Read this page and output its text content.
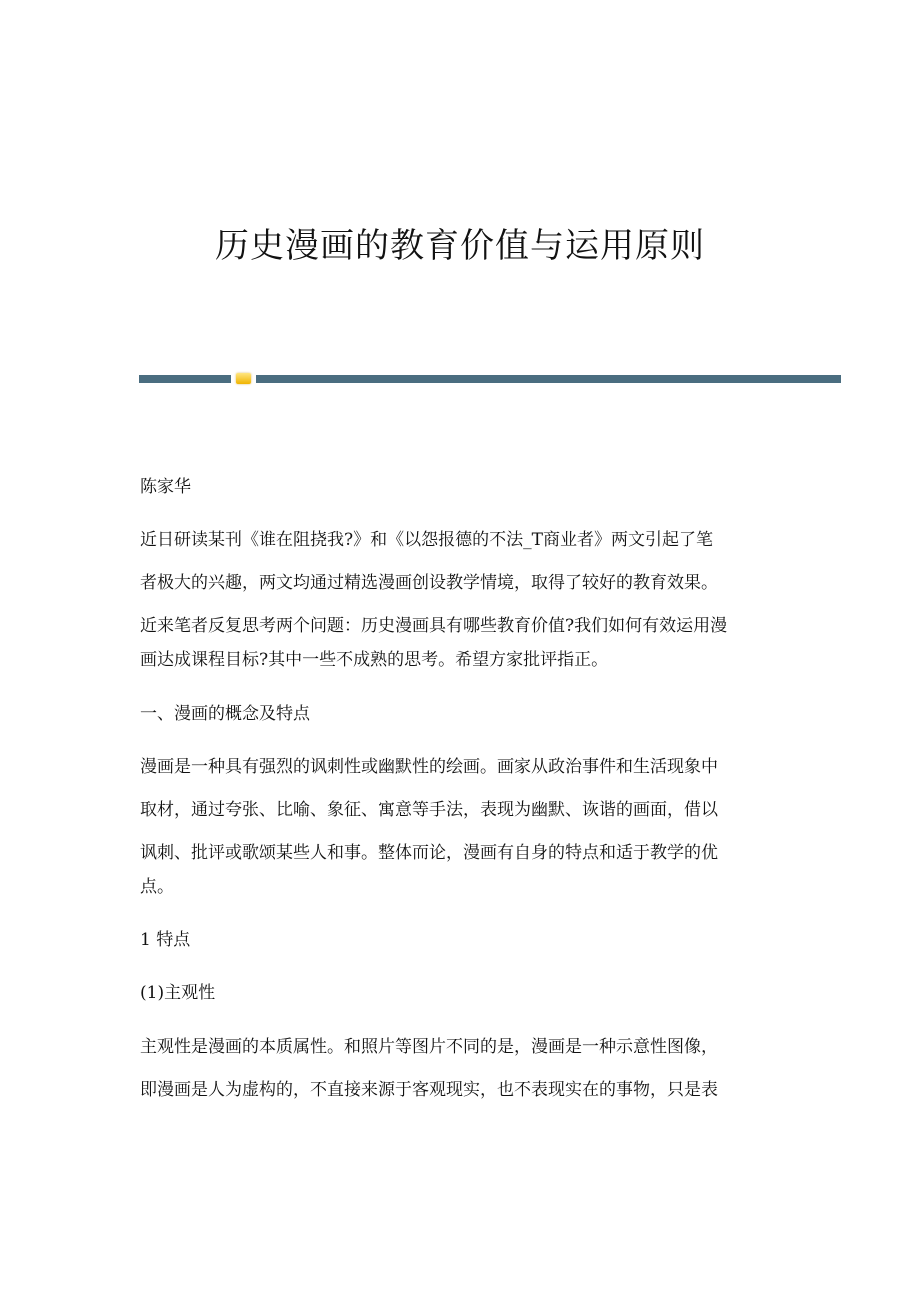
历史漫画的教育价值与运用原则
陈家华
近日研读某刊《谁在阻挠我?》和《以怨报德的不法_T商业者》两文引起了笔
者极大的兴趣，两文均通过精选漫画创设教学情境，取得了较好的教育效果。
近来笔者反复思考两个问题：历史漫画具有哪些教育价值?我们如何有效运用漫
画达成课程目标?其中一些不成熟的思考。希望方家批评指正。
一、漫画的概念及特点
漫画是一种具有强烈的讽刺性或幽默性的绘画。画家从政治事件和生活现象中
取材，通过夸张、比喻、象征、寓意等手法，表现为幽默、诙谐的画面，借以
讽刺、批评或歌颂某些人和事。整体而论，漫画有自身的特点和适于教学的优
点。
1 特点
(1)主观性
主观性是漫画的本质属性。和照片等图片不同的是，漫画是一种示意性图像，
即漫画是人为虚构的，不直接来源于客观现实，也不表现实在的事物，只是表
